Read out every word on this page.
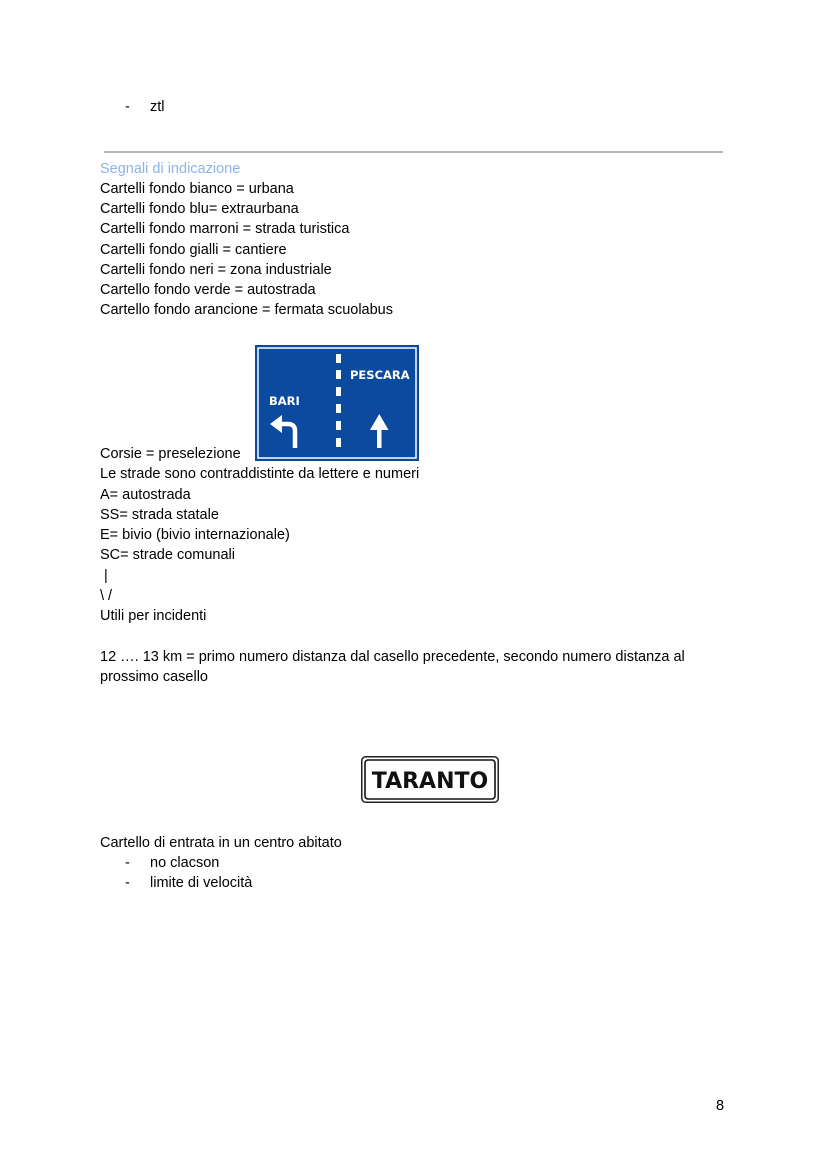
- ztl
Segnali di indicazione
Cartelli fondo bianco = urbana
Cartelli fondo blu= extraurbana
Cartelli fondo marroni = strada turistica
Cartelli fondo gialli = cantiere
Cartelli fondo neri = zona industriale
Cartello fondo verde = autostrada
Cartello fondo arancione = fermata scuolabus
PESCARA
BARI
Corsie = preselezione
Le strade sono contraddistinte da lettere e numeri
A= autostrada
SS= strada statale
E= bivio (bivio internazionale)
SC= strade comunali
|
\ /
Utili per incidenti
12 …. 13 km = primo numero distanza dal casello precedente, secondo numero distanza al
prossimo casello
TARANTO
Cartello di entrata in un centro abitato
- no clacson
- limite di velocità
8
